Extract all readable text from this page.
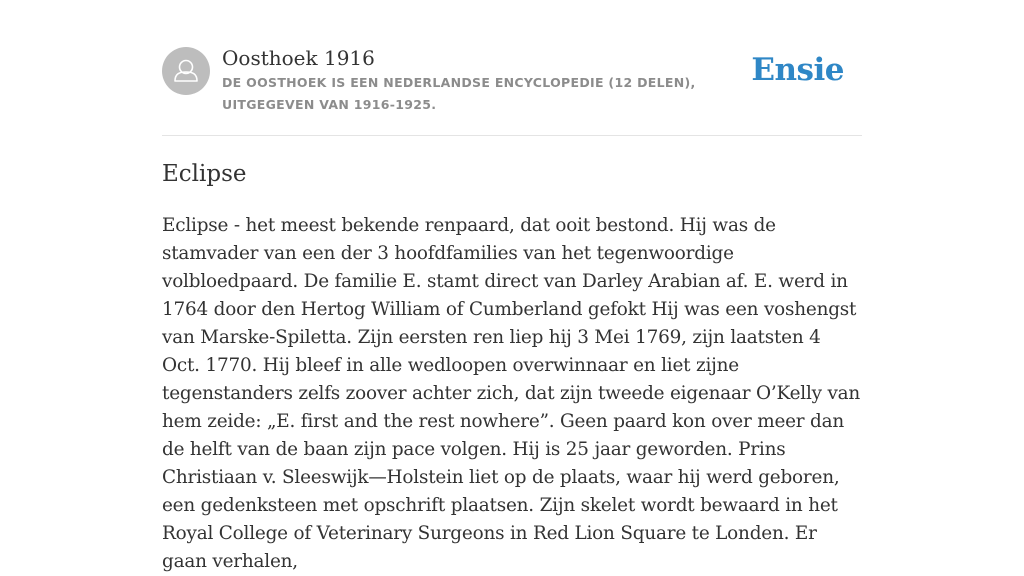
Oosthoek 1916
DE OOSTHOEK IS EEN NEDERLANDSE ENCYCLOPEDIE (12 DELEN), UITGEGEVEN VAN 1916-1925.
Ensie
Eclipse

Eclipse - het meest bekende renpaard, dat ooit bestond. Hij was de stamvader van een der 3 hoofdfamilies van het tegenwoordige volbloedpaard. De familie E. stamt direct van Darley Arabian af. E. werd in 1764 door den Hertog William of Cumberland gefokt Hij was een voshengst van Marske-Spiletta. Zijn eersten ren liep hij 3 Mei 1769, zijn laatsten 4 Oct. 1770. Hij bleef in alle wedloopen overwinnaar en liet zijne tegenstanders zelfs zoover achter zich, dat zijn tweede eigenaar O’Kelly van hem zeide: „E. first and the rest nowhere”. Geen paard kon over meer dan de helft van de baan zijn pace volgen. Hij is 25 jaar geworden. Prins Christiaan v. Sleeswijk—Holstein liet op de plaats, waar hij werd geboren, een gedenksteen met opschrift plaatsen. Zijn skelet wordt bewaard in het Royal College of Veterinary Surgeons in Red Lion Square te Londen. Er gaan verhalen,
